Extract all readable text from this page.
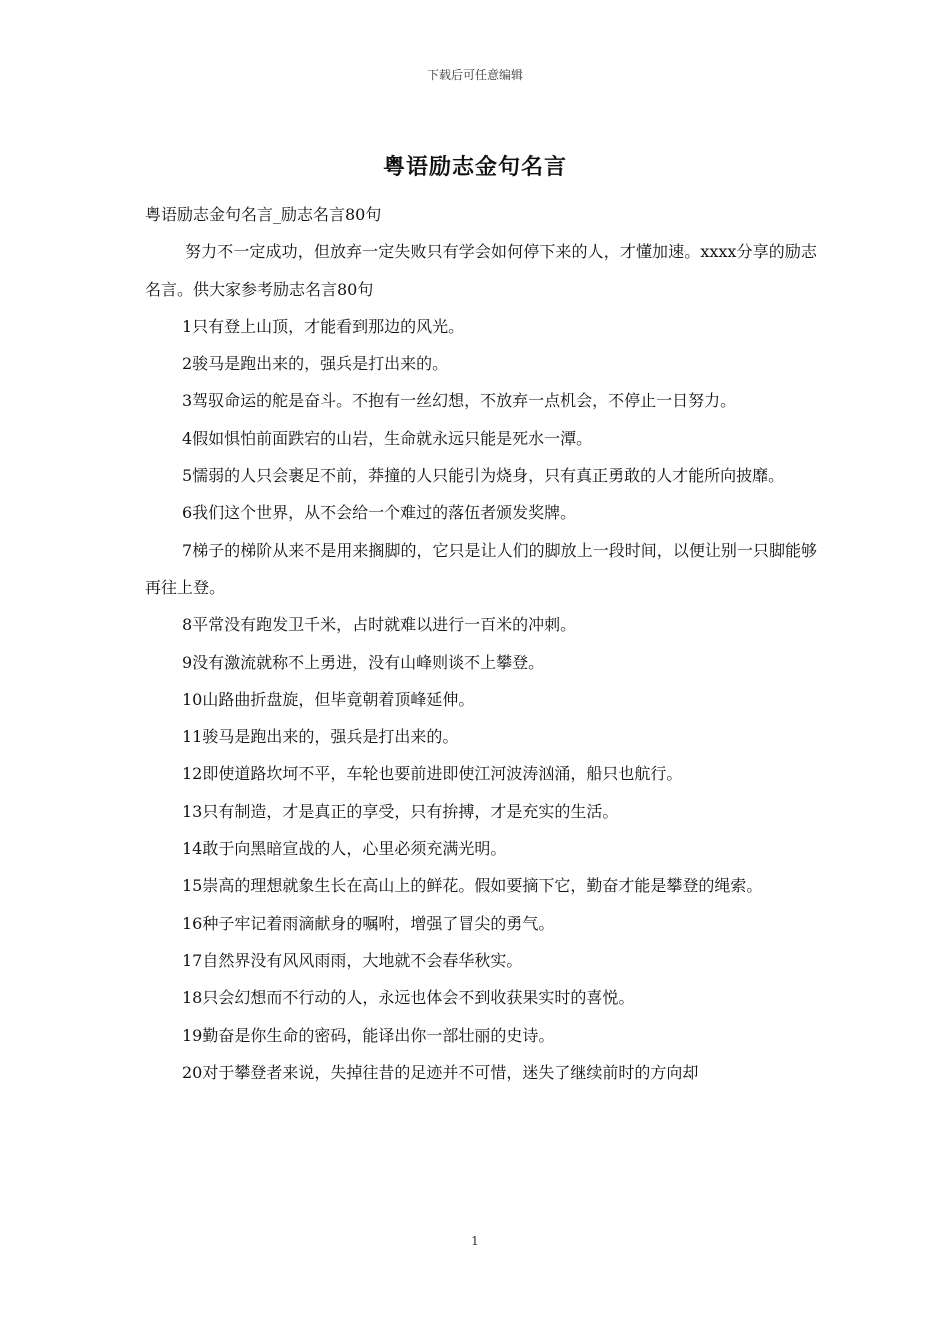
下载后可任意编辑
粤语励志金句名言
粤语励志金句名言_励志名言80句

努力不一定成功，但放弃一定失败只有学会如何停下来的人，才懂加速。xxxx分享的励志名言。供大家参考励志名言80句

1只有登上山顶，才能看到那边的风光。

2骏马是跑出来的，强兵是打出来的。

3驾驭命运的舵是奋斗。不抱有一丝幻想，不放弃一点机会，不停止一日努力。

4假如惧怕前面跌宕的山岩，生命就永远只能是死水一潭。

5懦弱的人只会裹足不前，莽撞的人只能引为烧身，只有真正勇敢的人才能所向披靡。

6我们这个世界，从不会给一个难过的落伍者颁发奖牌。

7梯子的梯阶从来不是用来搁脚的，它只是让人们的脚放上一段时间，以便让别一只脚能够再往上登。

8平常没有跑发卫千米，占时就难以进行一百米的冲刺。

9没有激流就称不上勇进，没有山峰则谈不上攀登。

10山路曲折盘旋，但毕竟朝着顶峰延伸。

11骏马是跑出来的，强兵是打出来的。

12即使道路坎坷不平，车轮也要前进即使江河波涛汹涌，船只也航行。

13只有制造，才是真正的享受，只有拚搏，才是充实的生活。

14敢于向黑暗宣战的人，心里必须充满光明。

15崇高的理想就象生长在高山上的鲜花。假如要摘下它，勤奋才能是攀登的绳索。

16种子牢记着雨滴献身的嘱咐，增强了冒尖的勇气。

17自然界没有风风雨雨，大地就不会春华秋实。

18只会幻想而不行动的人，永远也体会不到收获果实时的喜悦。

19勤奋是你生命的密码，能译出你一部壮丽的史诗。

20对于攀登者来说，失掉往昔的足迹并不可惜，迷失了继续前时的方向却

1
